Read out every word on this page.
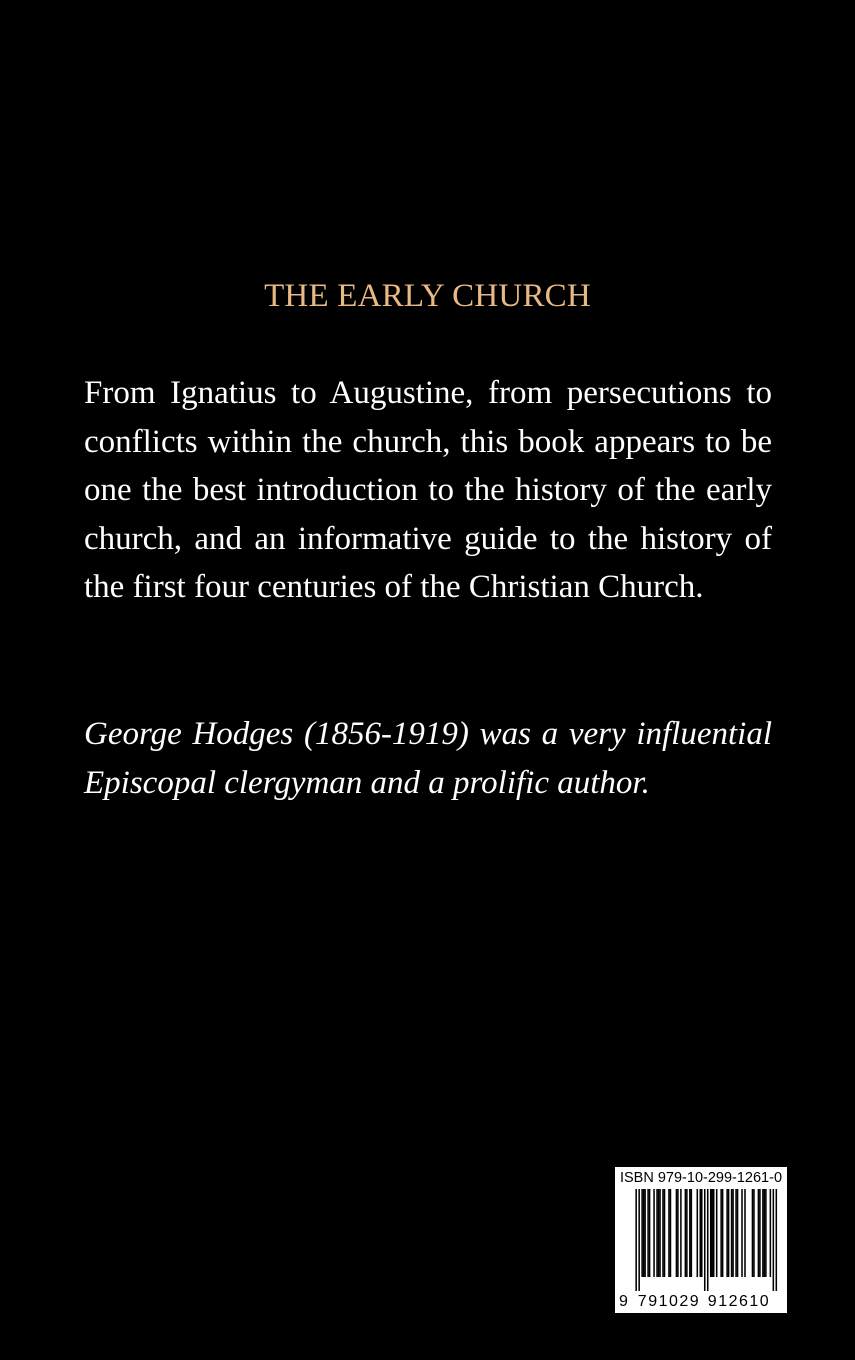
THE EARLY CHURCH

From Ignatius to Augustine, from persecutions to conflicts within the church, this book appears to be one the best introduction to the history of the early church, and an informative guide to the history of the first four centuries of the Christian Church.

George Hodges (1856-1919) was a very influential Episcopal clergyman and a prolific author.

ISBN 979-10-299-1261-0
9 791029 912610
